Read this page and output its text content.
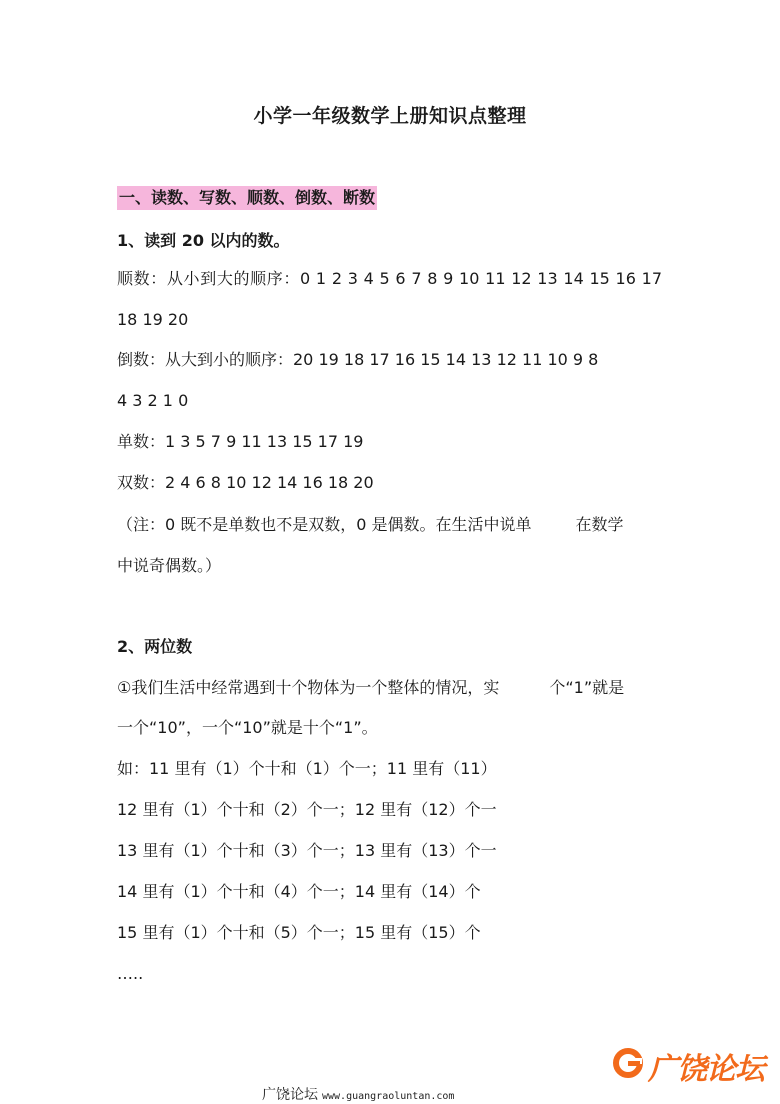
小学一年级数学上册知识点整理
一、读数、写数、顺数、倒数、断数
1、读到 20 以内的数。
顺数：从小到大的顺序：0 1 2 3 4 5 6 7 8 9 10 11 12 13 14 15 16 17
18 19 20
倒数：从大到小的顺序：20 19 18 17 16 15 14 13 12 11 10 9 8
4 3 2 1 0
单数：1 3 5 7 9 11 13 15 17 19
双数：2 4 6 8 10 12 14 16 18 20
（注：0 既不是单数也不是双数，0 是偶数。在生活中说单	在数学
中说奇偶数。）
2、两位数
①我们生活中经常遇到十个物体为一个整体的情况，实	个“1”就是
一个“10”，一个“10”就是十个“1”。
如：11 里有（1）个十和（1）个一；11 里有（11）
12 里有（1）个十和（2）个一；12 里有（12）个一
13 里有（1）个十和（3）个一；13 里有（13）个一
14 里有（1）个十和（4）个一；14 里有（14）个
15 里有（1）个十和（5）个一；15 里有（15）个
…..
广饶论坛 www.guangraoluntan.com
广饶论坛
